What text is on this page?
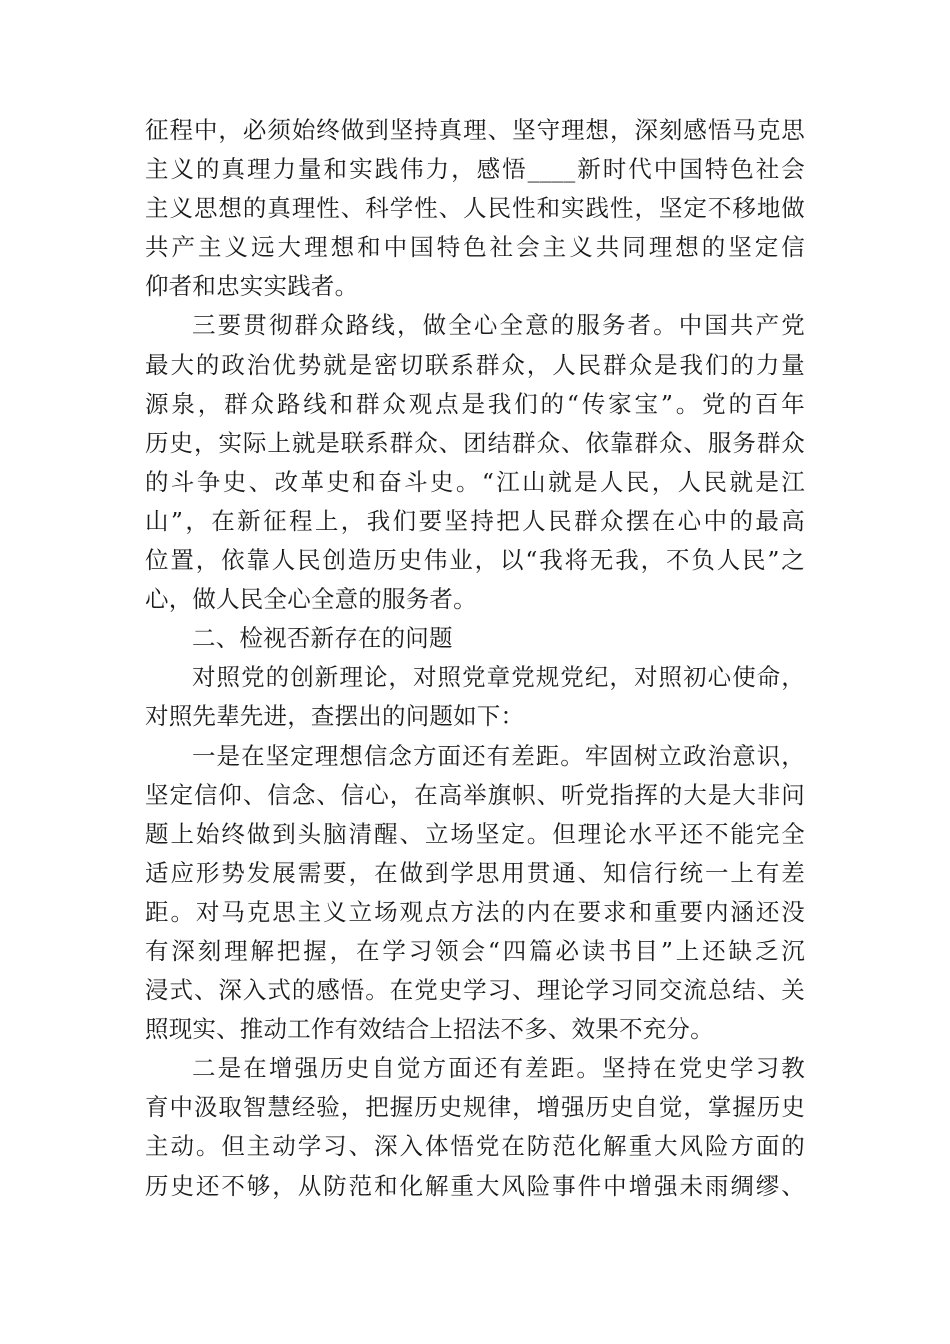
征程中，必须始终做到坚持真理、坚守理想，深刻感悟马克思
主义的真理力量和实践伟力，感悟____新时代中国特色社会
主义思想的真理性、科学性、人民性和实践性，坚定不移地做
共产主义远大理想和中国特色社会主义共同理想的坚定信
仰者和忠实实践者。
三要贯彻群众路线，做全心全意的服务者。中国共产党
最大的政治优势就是密切联系群众，人民群众是我们的力量
源泉，群众路线和群众观点是我们的“传家宝”。党的百年
历史，实际上就是联系群众、团结群众、依靠群众、服务群众
的斗争史、改革史和奋斗史。“江山就是人民，人民就是江
山”，在新征程上，我们要坚持把人民群众摆在心中的最高
位置，依靠人民创造历史伟业，以“我将无我，不负人民”之
心，做人民全心全意的服务者。
二、检视否新存在的问题
对照党的创新理论，对照党章党规党纪，对照初心使命，
对照先辈先进，查摆出的问题如下：
一是在坚定理想信念方面还有差距。牢固树立政治意识，
坚定信仰、信念、信心，在高举旗帜、听党指挥的大是大非问
题上始终做到头脑清醒、立场坚定。但理论水平还不能完全
适应形势发展需要，在做到学思用贯通、知信行统一上有差
距。对马克思主义立场观点方法的内在要求和重要内涵还没
有深刻理解把握，在学习领会“四篇必读书目”上还缺乏沉
浸式、深入式的感悟。在党史学习、理论学习同交流总结、关
照现实、推动工作有效结合上招法不多、效果不充分。
二是在增强历史自觉方面还有差距。坚持在党史学习教
育中汲取智慧经验，把握历史规律，增强历史自觉，掌握历史
主动。但主动学习、深入体悟党在防范化解重大风险方面的
历史还不够，从防范和化解重大风险事件中增强未雨绸缪、
